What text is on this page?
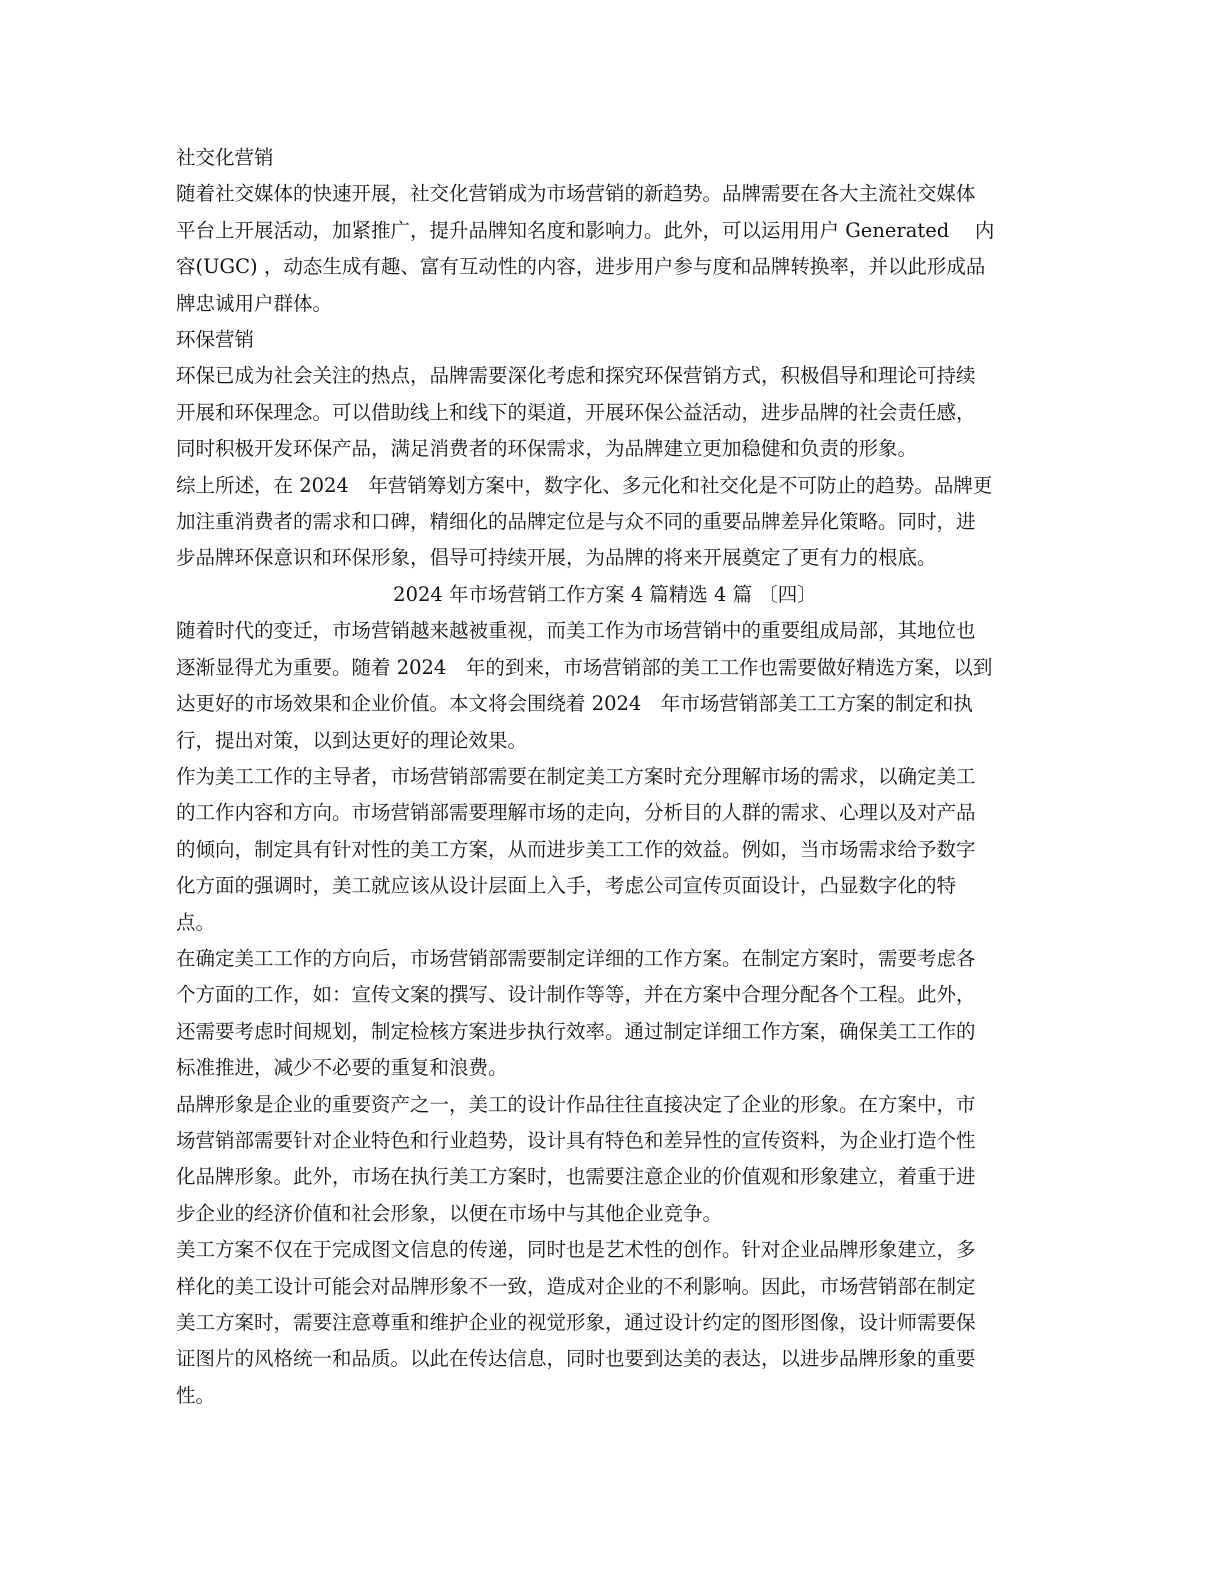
社交化营销

随着社交媒体的快速开展，社交化营销成为市场营销的新趋势。品牌需要在各大主流社交媒体

平台上开展活动，加紧推广，提升品牌知名度和影响力。此外，可以运用用户 Generated　 内

容(UGC) ，动态生成有趣、富有互动性的内容，进步用户参与度和品牌转换率，并以此形成品

牌忠诚用户群体。

环保营销

环保已成为社会关注的热点，品牌需要深化考虑和探究环保营销方式，积极倡导和理论可持续

开展和环保理念。可以借助线上和线下的渠道，开展环保公益活动，进步品牌的社会责任感，

同时积极开发环保产品，满足消费者的环保需求，为品牌建立更加稳健和负责的形象。

综上所述，在 2024　年营销筹划方案中，数字化、多元化和社交化是不可防止的趋势。品牌更

加注重消费者的需求和口碑，精细化的品牌定位是与众不同的重要品牌差异化策略。同时，进

步品牌环保意识和环保形象，倡导可持续开展，为品牌的将来开展奠定了更有力的根底。

2024 年市场营销工作方案 4 篇精选 4 篇 〔四〕

随着时代的变迁，市场营销越来越被重视，而美工作为市场营销中的重要组成局部，其地位也

逐渐显得尤为重要。随着 2024　年的到来，市场营销部的美工工作也需要做好精选方案，以到

达更好的市场效果和企业价值。本文将会围绕着 2024　年市场营销部美工工方案的制定和执

行，提出对策，以到达更好的理论效果。

作为美工工作的主导者，市场营销部需要在制定美工方案时充分理解市场的需求，以确定美工

的工作内容和方向。市场营销部需要理解市场的走向，分析目的人群的需求、心理以及对产品

的倾向，制定具有针对性的美工方案，从而进步美工工作的效益。例如，当市场需求给予数字

化方面的强调时，美工就应该从设计层面上入手，考虑公司宣传页面设计，凸显数字化的特

点。

在确定美工工作的方向后，市场营销部需要制定详细的工作方案。在制定方案时，需要考虑各

个方面的工作，如：宣传文案的撰写、设计制作等等，并在方案中合理分配各个工程。此外，

还需要考虑时间规划，制定检核方案进步执行效率。通过制定详细工作方案，确保美工工作的

标准推进，减少不必要的重复和浪费。

品牌形象是企业的重要资产之一，美工的设计作品往往直接决定了企业的形象。在方案中，市

场营销部需要针对企业特色和行业趋势，设计具有特色和差异性的宣传资料，为企业打造个性

化品牌形象。此外，市场在执行美工方案时，也需要注意企业的价值观和形象建立，着重于进

步企业的经济价值和社会形象，以便在市场中与其他企业竞争。

美工方案不仅在于完成图文信息的传递，同时也是艺术性的创作。针对企业品牌形象建立，多

样化的美工设计可能会对品牌形象不一致，造成对企业的不利影响。因此，市场营销部在制定

美工方案时，需要注意尊重和维护企业的视觉形象，通过设计约定的图形图像，设计师需要保

证图片的风格统一和品质。以此在传达信息，同时也要到达美的表达，以进步品牌形象的重要

性。
